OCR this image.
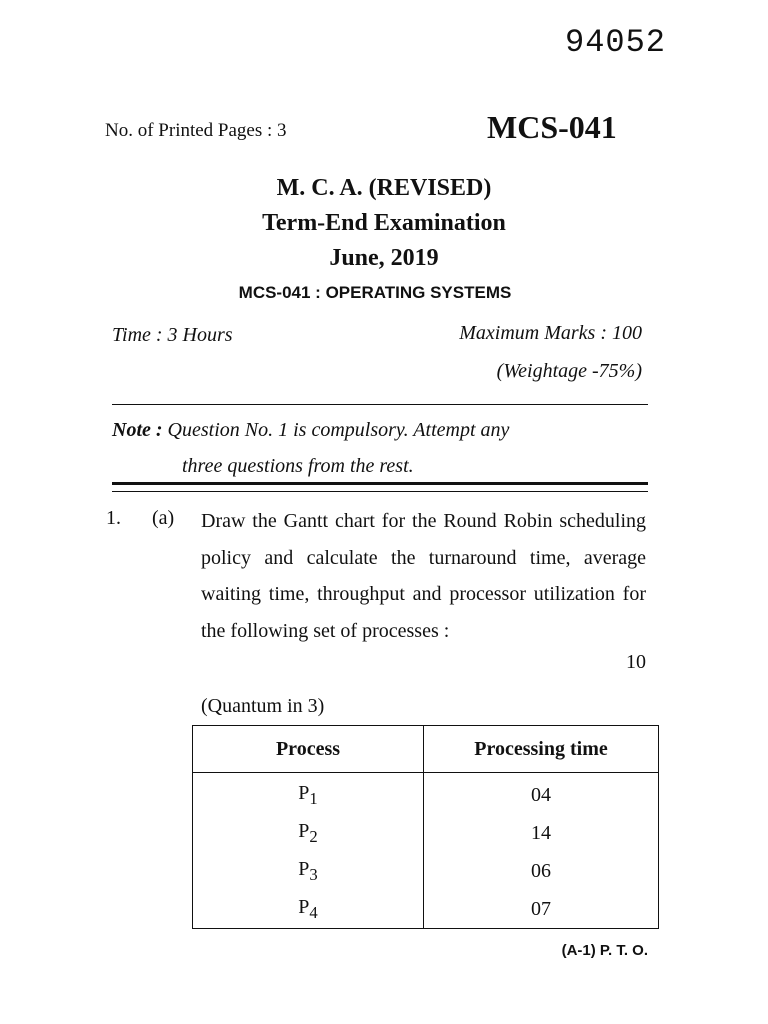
94052
No. of Printed Pages : 3	MCS-041
M. C. A. (REVISED)
Term-End Examination
June, 2019
MCS-041 : OPERATING SYSTEMS
Time : 3 Hours	Maximum Marks : 100
(Weightage -75%)
Note : Question No. 1 is compulsory. Attempt any
three questions from the rest.
1. (a) Draw the Gantt chart for the Round Robin scheduling policy and calculate the turnaround time, average waiting time, throughput and processor utilization for the following set of processes :
10
(Quantum in 3)
Process	Processing time
$P_1$	04
$P_2$	14
$P_3$	06
$P_4$	07
(A-1) P. T. O.
